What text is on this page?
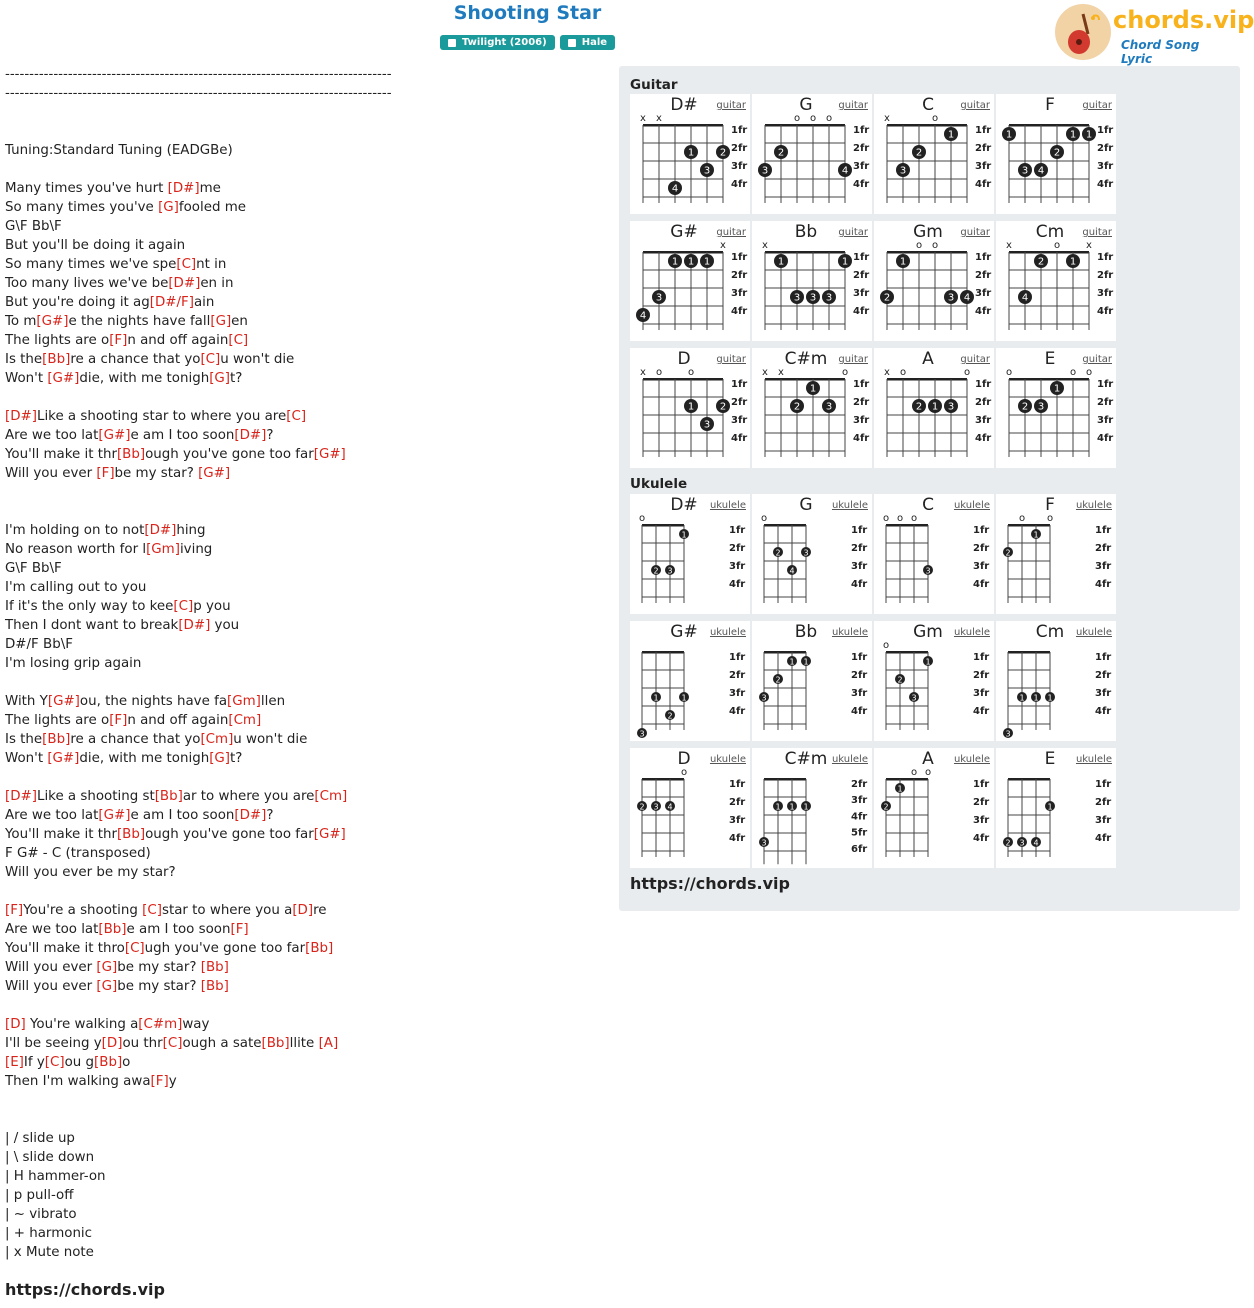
Shooting Star
Twilight (2006)	Hale
chords.vip
Chord Song Lyric
--------------------------------------------------------------------------------
--------------------------------------------------------------------------------
Tuning:Standard Tuning (EADGBe)
Many times you've hurt [D#]me
So many times you've [G]fooled me
G\F Bb\F
But you'll be doing it again
So many times we've spe[C]nt in
Too many lives we've be[D#]en in
But you're doing it ag[D#/F]ain
To m[G#]e the nights have fall[G]en
The lights are o[F]n and off again[C]
Is the[Bb]re a chance that yo[C]u won't die
Won't [G#]die, with me tonigh[G]t?
[D#]Like a shooting star to where you are[C]
Are we too lat[G#]e am I too soon[D#]?
You'll make it thr[Bb]ough you've gone too far[G#]
Will you ever [F]be my star? [G#]
I'm holding on to not[D#]hing
No reason worth for l[Gm]iving
G\F Bb\F
I'm calling out to you
If it's the only way to kee[C]p you
Then I dont want to break[D#] you
D#/F Bb\F
I'm losing grip again
With Y[G#]ou, the nights have fa[Gm]llen
The lights are o[F]n and off again[Cm]
Is the[Bb]re a chance that yo[Cm]u won't die
Won't [G#]die, with me tonigh[G]t?
[D#]Like a shooting st[Bb]ar to where you are[Cm]
Are we too lat[G#]e am I too soon[D#]?
You'll make it thr[Bb]ough you've gone too far[G#]
F G# - C (transposed)
Will you ever be my star?
[F]You're a shooting [C]star to where you a[D]re
Are we too lat[Bb]e am I too soon[F]
You'll make it thro[C]ugh you've gone too far[Bb]
Will you ever [G]be my star? [Bb]
Will you ever [G]be my star? [Bb]
[D] You're walking a[C#m]way
I'll be seeing y[D]ou thr[C]ough a sate[Bb]llite [A]
[E]If y[C]ou g[Bb]o
Then I'm walking awa[F]y
| / slide up
| \ slide down
| H hammer-on
| p pull-off
| ~ vibrato
| + harmonic
| x Mute note
https://chords.vip
Guitar
Ukulele
https://chords.vip
D#	guitar
1fr
2fr
3fr
4fr
x x
4
1
3
2
G	guitar
1fr
2fr
3fr
4fr
o o o
3
2
4
C	guitar
1fr
2fr
3fr
4fr
x	o
3
2
1
F	guitar
1fr
2fr
3fr
4fr
1
3 4
2
1 1
G#	guitar
1fr
2fr
3fr
4fr
x
4
3
1 1 1
Bb	guitar
1fr
2fr
3fr
4fr
x
1
3 3 3
1
Gm	guitar
1fr
2fr
3fr
4fr
o o
2
1
3 4
Cm	guitar
1fr
2fr
3fr
4fr
x	o	x
4
2	1
D	guitar
1fr
2fr
3fr
4fr
x o	o
1
3
2
C#m	guitar
1fr
2fr
3fr
4fr
x x	o
2
1
3
A	guitar
1fr
2fr
3fr
4fr
x o	o
2 1 3
E	guitar
1fr
2fr
3fr
4fr
o	o o
2 3
1
D#	ukulele
1fr
2fr
3fr
4fr
o
2 3
1
G	ukulele
1fr
2fr
3fr
4fr
o
2
4
3
C	ukulele
1fr
2fr
3fr
4fr
o o o
3
F	ukulele
1fr
2fr
3fr
4fr
o o
2
1
G#	ukulele
1fr
2fr
3fr
4fr
3
1
2
1
Bb	ukulele
1fr
2fr
3fr
4fr
3
2
1 1
Gm	ukulele
1fr
2fr
3fr
4fr
o
2
3
1
Cm	ukulele
1fr
2fr
3fr
4fr
3
1 1 1
D	ukulele
1fr
2fr
3fr
4fr
o
2 3 4
C#m ukulele
2fr
3fr
4fr
5fr
6fr
3
1 1 1
A	ukulele
1fr
2fr
3fr
4fr
o o
2
1
E	ukulele
1fr
2fr
3fr
4fr
2 3 4
1
